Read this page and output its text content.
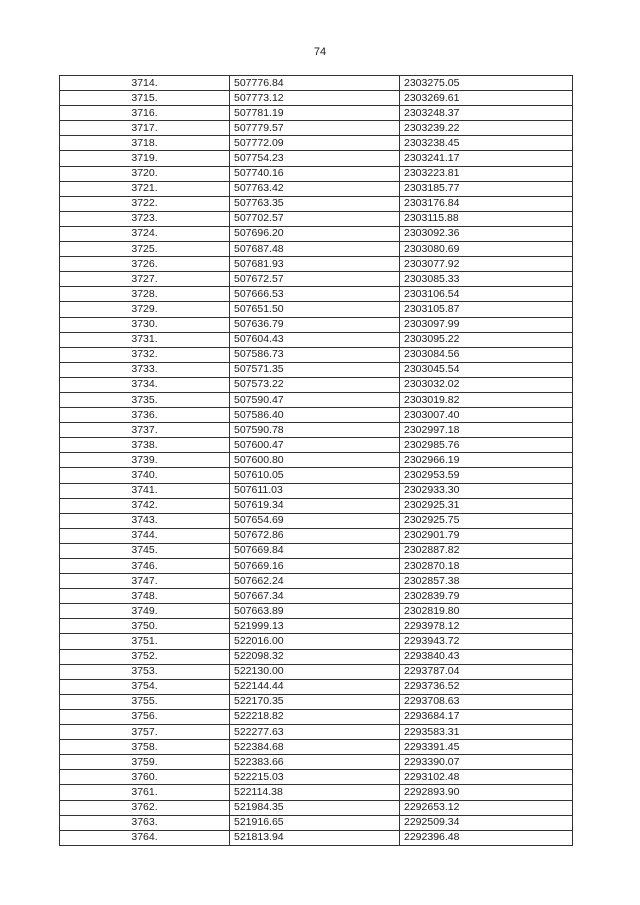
74
3714.	507776.84	2303275.05
3715.	507773.12	2303269.61
3716.	507781.19	2303248.37
3717.	507779.57	2303239.22
3718.	507772.09	2303238.45
3719.	507754.23	2303241.17
3720.	507740.16	2303223.81
3721.	507763.42	2303185.77
3722.	507763.35	2303176.84
3723.	507702.57	2303115.88
3724.	507696.20	2303092.36
3725.	507687.48	2303080.69
3726.	507681.93	2303077.92
3727.	507672.57	2303085.33
3728.	507666.53	2303106.54
3729.	507651.50	2303105.87
3730.	507636.79	2303097.99
3731.	507604.43	2303095.22
3732.	507586.73	2303084.56
3733.	507571.35	2303045.54
3734.	507573.22	2303032.02
3735.	507590.47	2303019.82
3736.	507586.40	2303007.40
3737.	507590.78	2302997.18
3738.	507600.47	2302985.76
3739.	507600.80	2302966.19
3740.	507610.05	2302953.59
3741.	507611.03	2302933.30
3742.	507619.34	2302925.31
3743.	507654.69	2302925.75
3744.	507672.86	2302901.79
3745.	507669.84	2302887.82
3746.	507669.16	2302870.18
3747.	507662.24	2302857.38
3748.	507667.34	2302839.79
3749.	507663.89	2302819.80
3750.	521999.13	2293978.12
3751.	522016.00	2293943.72
3752.	522098.32	2293840.43
3753.	522130.00	2293787.04
3754.	522144.44	2293736.52
3755.	522170.35	2293708.63
3756.	522218.82	2293684.17
3757.	522277.63	2293583.31
3758.	522384.68	2293391.45
3759.	522383.66	2293390.07
3760.	522215.03	2293102.48
3761.	522114.38	2292893.90
3762.	521984.35	2292653.12
3763.	521916.65	2292509.34
3764.	521813.94	2292396.48
